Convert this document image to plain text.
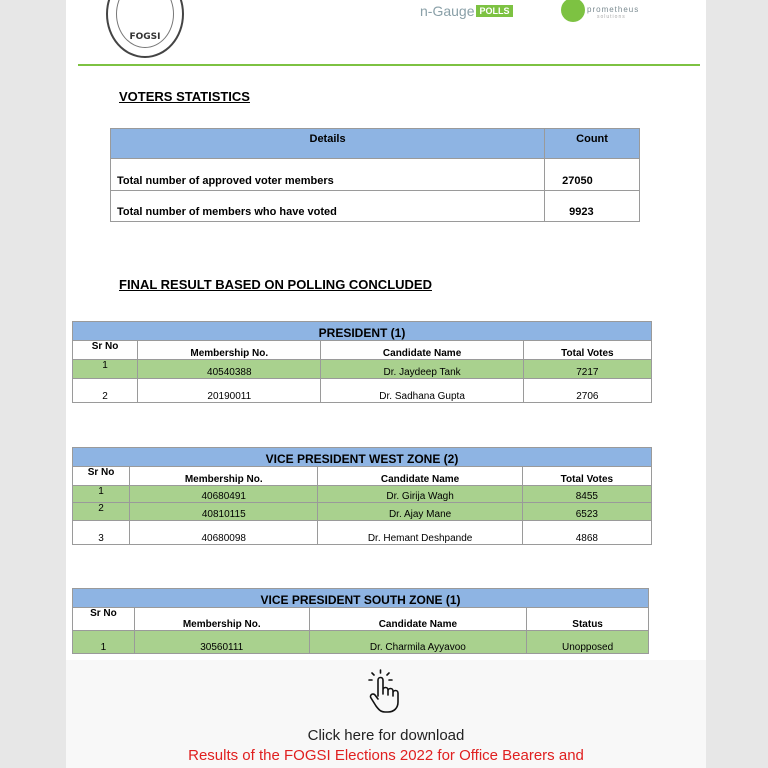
FOGSI
n-Gauge POLLS	prometheus
solutions
VOTERS STATISTICS
Details	Count
Total number of approved voter members	27050
Total number of members who have voted	9923
FINAL RESULT BASED ON POLLING CONCLUDED
PRESIDENT (1)			
Sr No	Membership No.	Candidate Name	Total Votes
1	40540388	Dr. Jaydeep Tank	7217
2	20190011	Dr. Sadhana Gupta	2706
VICE PRESIDENT WEST ZONE (2)			
Sr No	Membership No.	Candidate Name	Total Votes
1	40680491	Dr. Girija Wagh	8455
2	40810115	Dr. Ajay Mane	6523
3	40680098	Dr. Hemant Deshpande	4868
VICE PRESIDENT SOUTH ZONE (1)			
Sr No	Membership No.	Candidate Name	Status
1	30560111	Dr. Charmila Ayyavoo	Unopposed
Click here for download
Results of the FOGSI Elections 2022 for Office Bearers and
